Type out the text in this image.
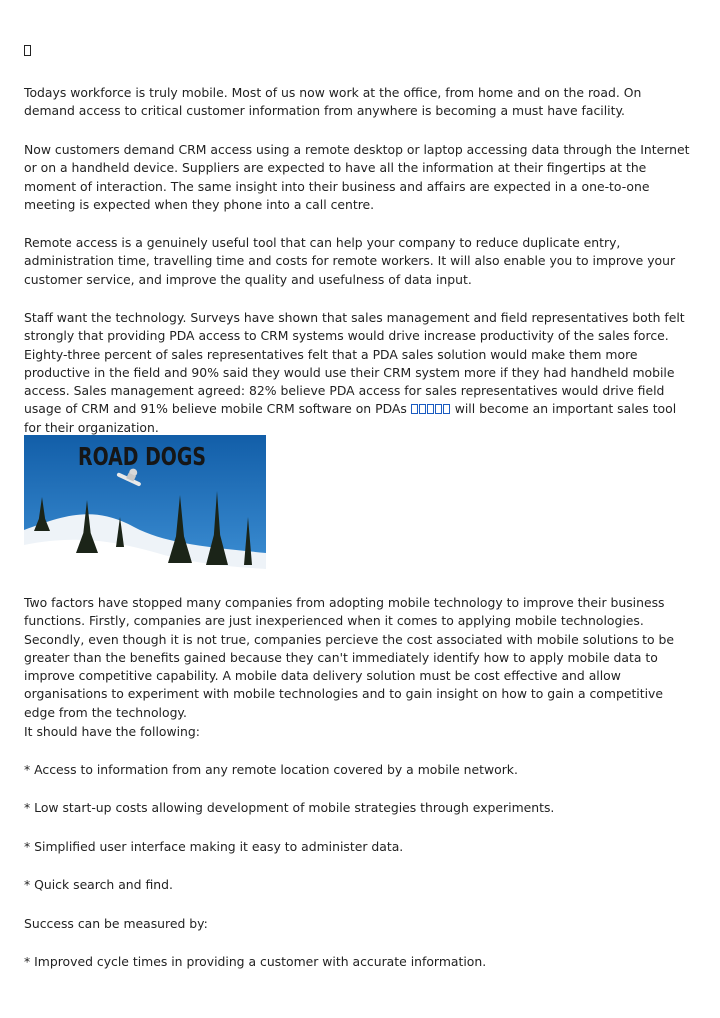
Todays workforce is truly mobile. Most of us now work at the office, from home and on the road. On demand access to critical customer information from anywhere is becoming a must have facility.

Now customers demand CRM access using a remote desktop or laptop accessing data through the Internet or on a handheld device. Suppliers are expected to have all the information at their fingertips at the moment of interaction. The same insight into their business and affairs are expected in a one-to-one meeting is expected when they phone into a call centre.

Remote access is a genuinely useful tool that can help your company to reduce duplicate entry, administration time, travelling time and costs for remote workers. It will also enable you to improve your customer service, and improve the quality and usefulness of data input.

Staff want the technology. Surveys have shown that sales management and field representatives both felt strongly that providing PDA access to CRM systems would drive increase productivity of the sales force. Eighty-three percent of sales representatives felt that a PDA sales solution would make them more productive in the field and 90% said they would use their CRM system more if they had handheld mobile access. Sales management agreed: 82% believe PDA access for sales representatives would drive field usage of CRM and 91% believe mobile CRM software on PDAs	will become an important sales tool for their organization.

ROAD DOGS

Two factors have stopped many companies from adopting mobile technology to improve their business functions. Firstly, companies are just inexperienced when it comes to applying mobile technologies. Secondly, even though it is not true, companies percieve the cost associated with mobile solutions to be greater than the benefits gained because they can't immediately identify how to apply mobile data to improve competitive capability. A mobile data delivery solution must be cost effective and allow organisations to experiment with mobile technologies and to gain insight on how to gain a competitive edge from the technology.

It should have the following:

* Access to information from any remote location covered by a mobile network.

* Low start-up costs allowing development of mobile strategies through experiments.

* Simplified user interface making it easy to administer data.

* Quick search and find.

Success can be measured by:

* Improved cycle times in providing a customer with accurate information.
